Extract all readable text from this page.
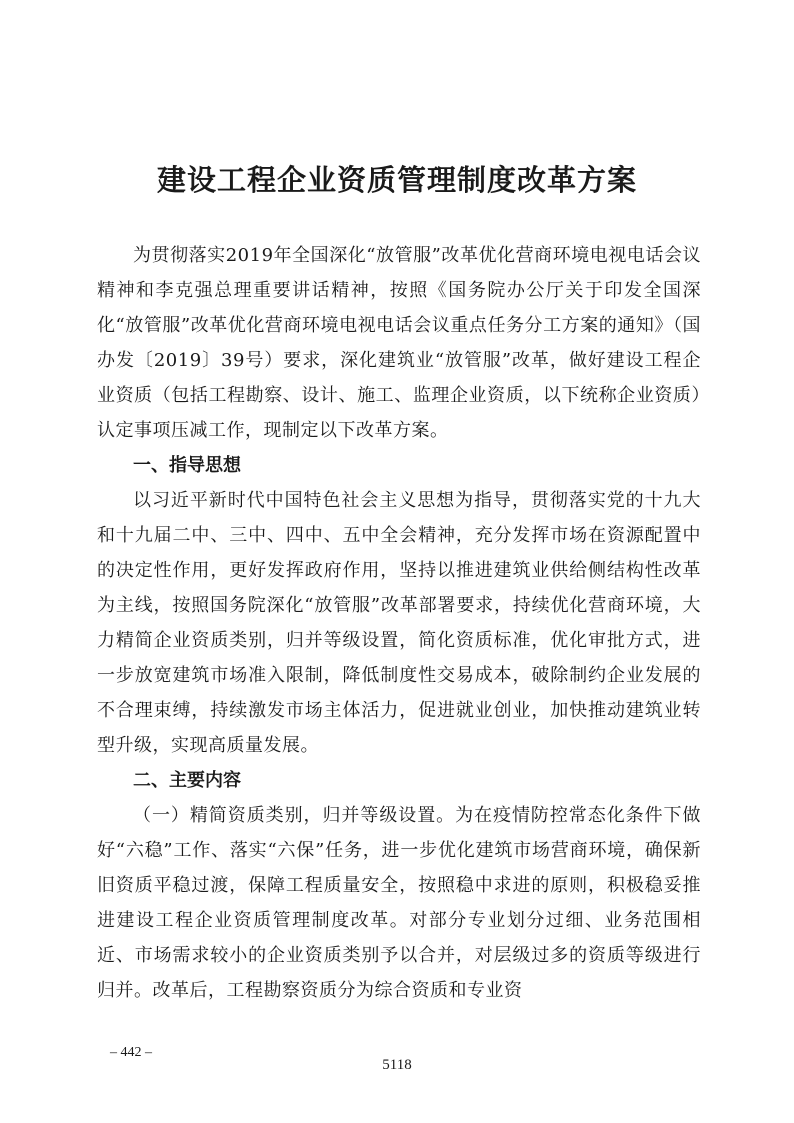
建设工程企业资质管理制度改革方案

为贯彻落实2019年全国深化“放管服”改革优化营商环境电视电话会议精神和李克强总理重要讲话精神，按照《国务院办公厅关于印发全国深化“放管服”改革优化营商环境电视电话会议重点任务分工方案的通知》（国办发〔2019〕39号）要求，深化建筑业“放管服”改革，做好建设工程企业资质（包括工程勘察、设计、施工、监理企业资质，以下统称企业资质）认定事项压减工作，现制定以下改革方案。

一、指导思想

以习近平新时代中国特色社会主义思想为指导，贯彻落实党的十九大和十九届二中、三中、四中、五中全会精神，充分发挥市场在资源配置中的决定性作用，更好发挥政府作用，坚持以推进建筑业供给侧结构性改革为主线，按照国务院深化“放管服”改革部署要求，持续优化营商环境，大力精简企业资质类别，归并等级设置，简化资质标准，优化审批方式，进一步放宽建筑市场准入限制，降低制度性交易成本，破除制约企业发展的不合理束缚，持续激发市场主体活力，促进就业创业，加快推动建筑业转型升级，实现高质量发展。

二、主要内容

（一）精简资质类别，归并等级设置。为在疫情防控常态化条件下做好“六稳”工作、落实“六保”任务，进一步优化建筑市场营商环境，确保新旧资质平稳过渡，保障工程质量安全，按照稳中求进的原则，积极稳妥推进建设工程企业资质管理制度改革。对部分专业划分过细、业务范围相近、市场需求较小的企业资质类别予以合并，对层级过多的资质等级进行归并。改革后，工程勘察资质分为综合资质和专业资

– 442 –
5118
